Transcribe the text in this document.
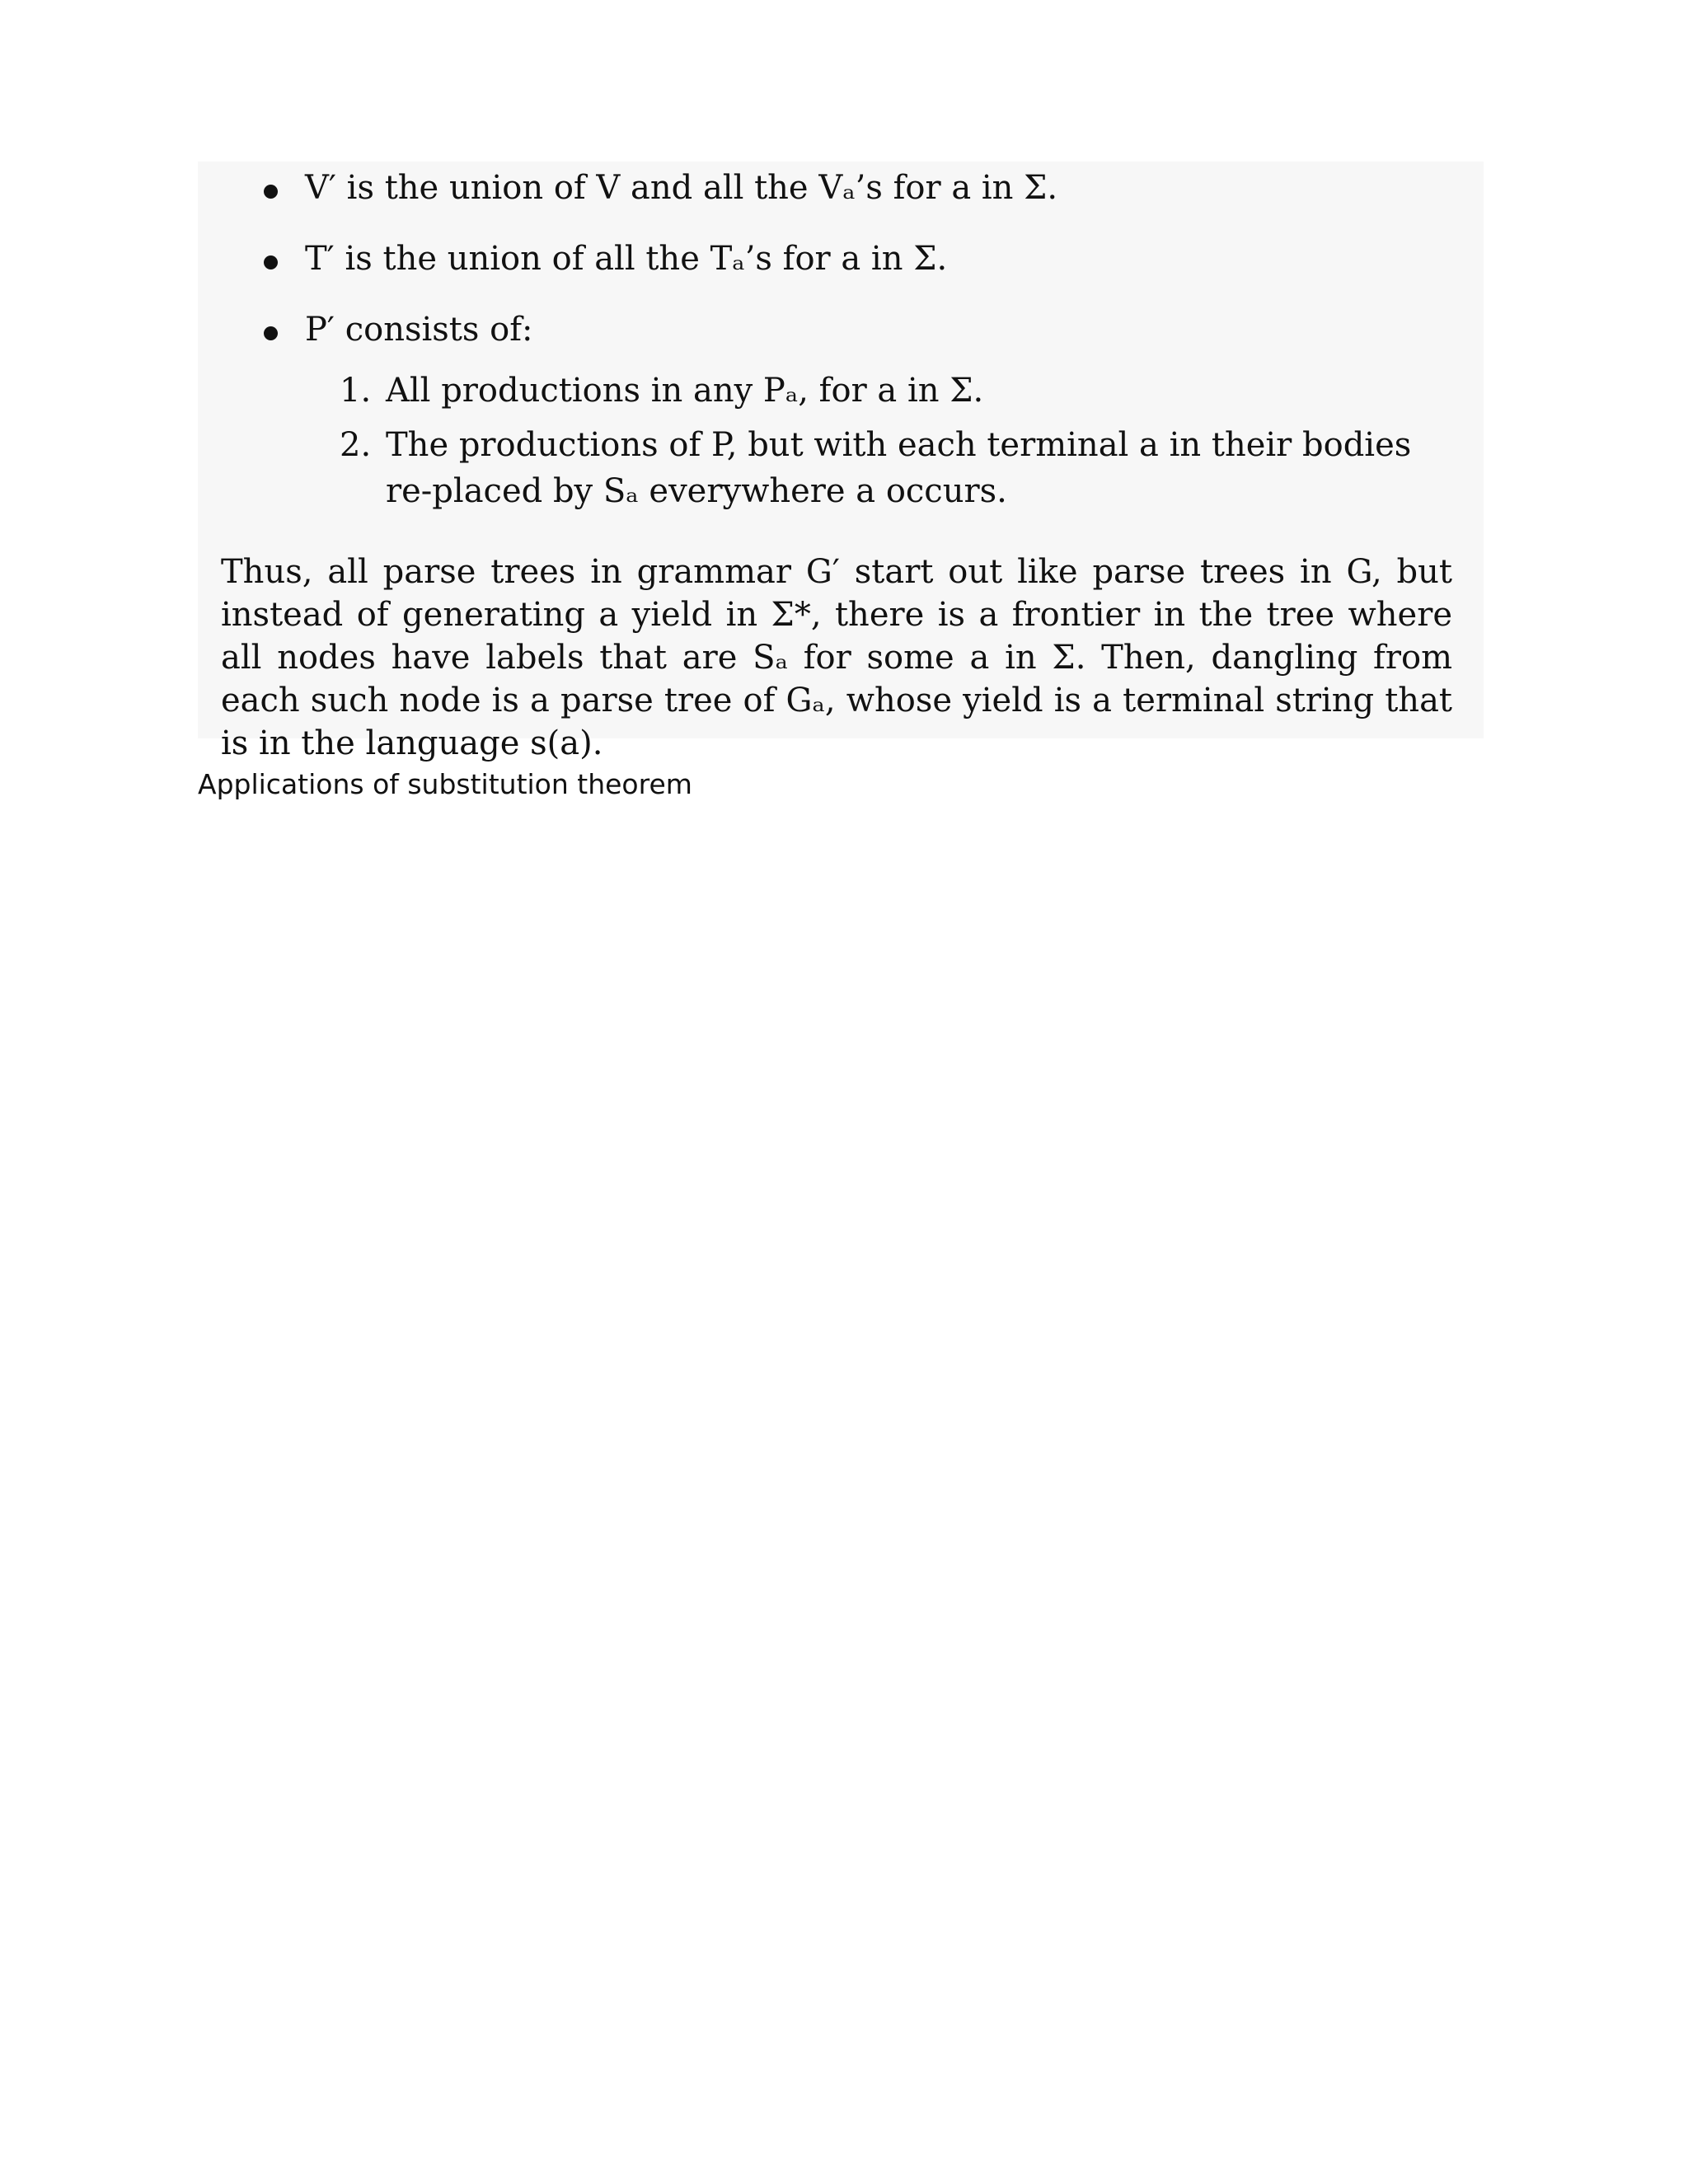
V′ is the union of V and all the Vₐ’s for a in Σ.
T′ is the union of all the Tₐ’s for a in Σ.
P′ consists of:
1. All productions in any Pₐ, for a in Σ.
2. The productions of P, but with each terminal a in their bodies re-placed by Sₐ everywhere a occurs.

Thus, all parse trees in grammar G′ start out like parse trees in G, but instead of generating a yield in Σ*, there is a frontier in the tree where all nodes have labels that are Sₐ for some a in Σ. Then, dangling from each such node is a parse tree of Gₐ, whose yield is a terminal string that is in the language s(a).

Applications of substitution theorem
